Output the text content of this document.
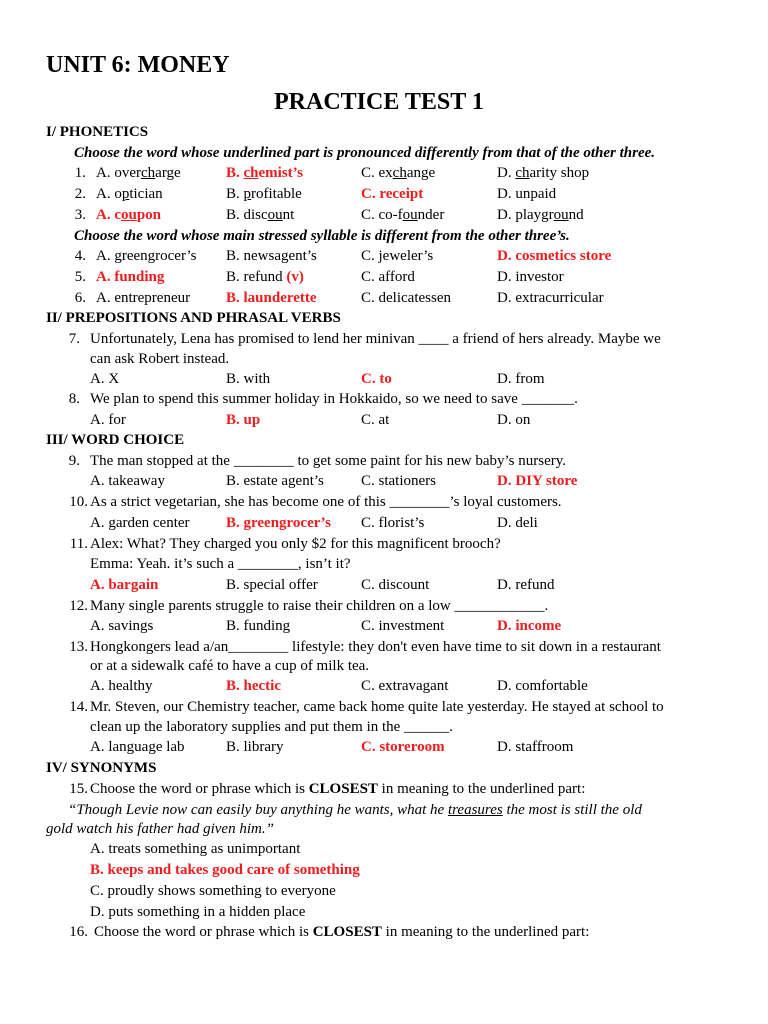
UNIT 6: MONEY
PRACTICE TEST 1
I/ PHONETICS
Choose the word whose underlined part is pronounced differently from that of the other three.
1. A. overcharge	B. chemist’s	C. exchange	D. charity shop
2. A. optician	B. profitable	C. receipt	D. unpaid
3. A. coupon	B. discount	C. co-founder	D. playground
Choose the word whose main stressed syllable is different from the other three’s.
4. A. greengrocer’s B. newsagent’s	C. jeweler’s	D. cosmetics store
5. A. funding	B. refund (v)	C. afford	D. investor
6. A. entrepreneur B. launderette	C. delicatessen	D. extracurricular
II/ PREPOSITIONS AND PHRASAL VERBS
7. Unfortunately, Lena has promised to lend her minivan ____ a friend of hers already. Maybe we
can ask Robert instead.
A. X	B. with	C. to	D. from
8. We plan to spend this summer holiday in Hokkaido, so we need to save _______.
A. for	B. up	C. at	D. on
III/ WORD CHOICE
9. The man stopped at the ________ to get some paint for his new baby’s nursery.
A. takeaway	B. estate agent’s C. stationers	D. DIY store
10. As a strict vegetarian, she has become one of this ________’s loyal customers.
A. garden center B. greengrocer’s C. florist’s	D. deli
11. Alex: What? They charged you only $2 for this magnificent brooch?
Emma: Yeah. it’s such a ________, isn’t it?
A. bargain	B. special offer	C. discount	D. refund
12. Many single parents struggle to raise their children on a low ____________.
A. savings	B. funding	C. investment	D. income
13. Hongkongers lead a/an________ lifestyle: they don't even have time to sit down in a restaurant
or at a sidewalk café to have a cup of milk tea.
A. healthy	B. hectic	C. extravagant	D. comfortable
14. Mr. Steven, our Chemistry teacher, came back home quite late yesterday. He stayed at school to
clean up the laboratory supplies and put them in the ______.
A. language lab	B. library	C. storeroom	D. staffroom
IV/ SYNONYMS
15. Choose the word or phrase which is CLOSEST in meaning to the underlined part:
“Though Levie now can easily buy anything he wants, what he treasures the most is still the old
gold watch his father had given him.”
A. treats something as unimportant
B. keeps and takes good care of something
C. proudly shows something to everyone
D. puts something in a hidden place
16. Choose the word or phrase which is CLOSEST in meaning to the underlined part:
